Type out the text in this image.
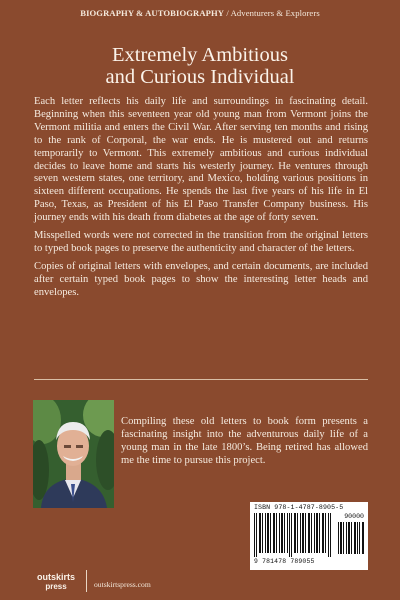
BIOGRAPHY & AUTOBIOGRAPHY / Adventurers & Explorers
Extremely Ambitious
and Curious Individual

Each letter reflects his daily life and surroundings in fascinating detail. Beginning when this seventeen year old young man from Vermont joins the Vermont militia and enters the Civil War. After serving ten months and rising to the rank of Corporal, the war ends. He is mustered out and returns temporarily to Vermont. This extremely ambitious and curious individual decides to leave home and starts his westerly journey. He ventures through seven western states, one territory, and Mexico, holding various positions in sixteen different occupations. He spends the last five years of his life in El Paso, Texas, as President of his El Paso Transfer Company business. His journey ends with his death from diabetes at the age of forty seven.

Misspelled words were not corrected in the transition from the original letters to typed book pages to preserve the authenticity and character of the letters.

Copies of original letters with envelopes, and certain documents, are included after certain typed book pages to show the interesting letter heads and envelopes.

Compiling these old letters to book form presents a fascinating insight into the adventurous daily life of a young man in the late 1800’s. Being retired has allowed me the time to pursue this project.
ISBN 978-1-4787-8905-5
90000
9 781478 789055
outskirts
press	outskirtspress.com
